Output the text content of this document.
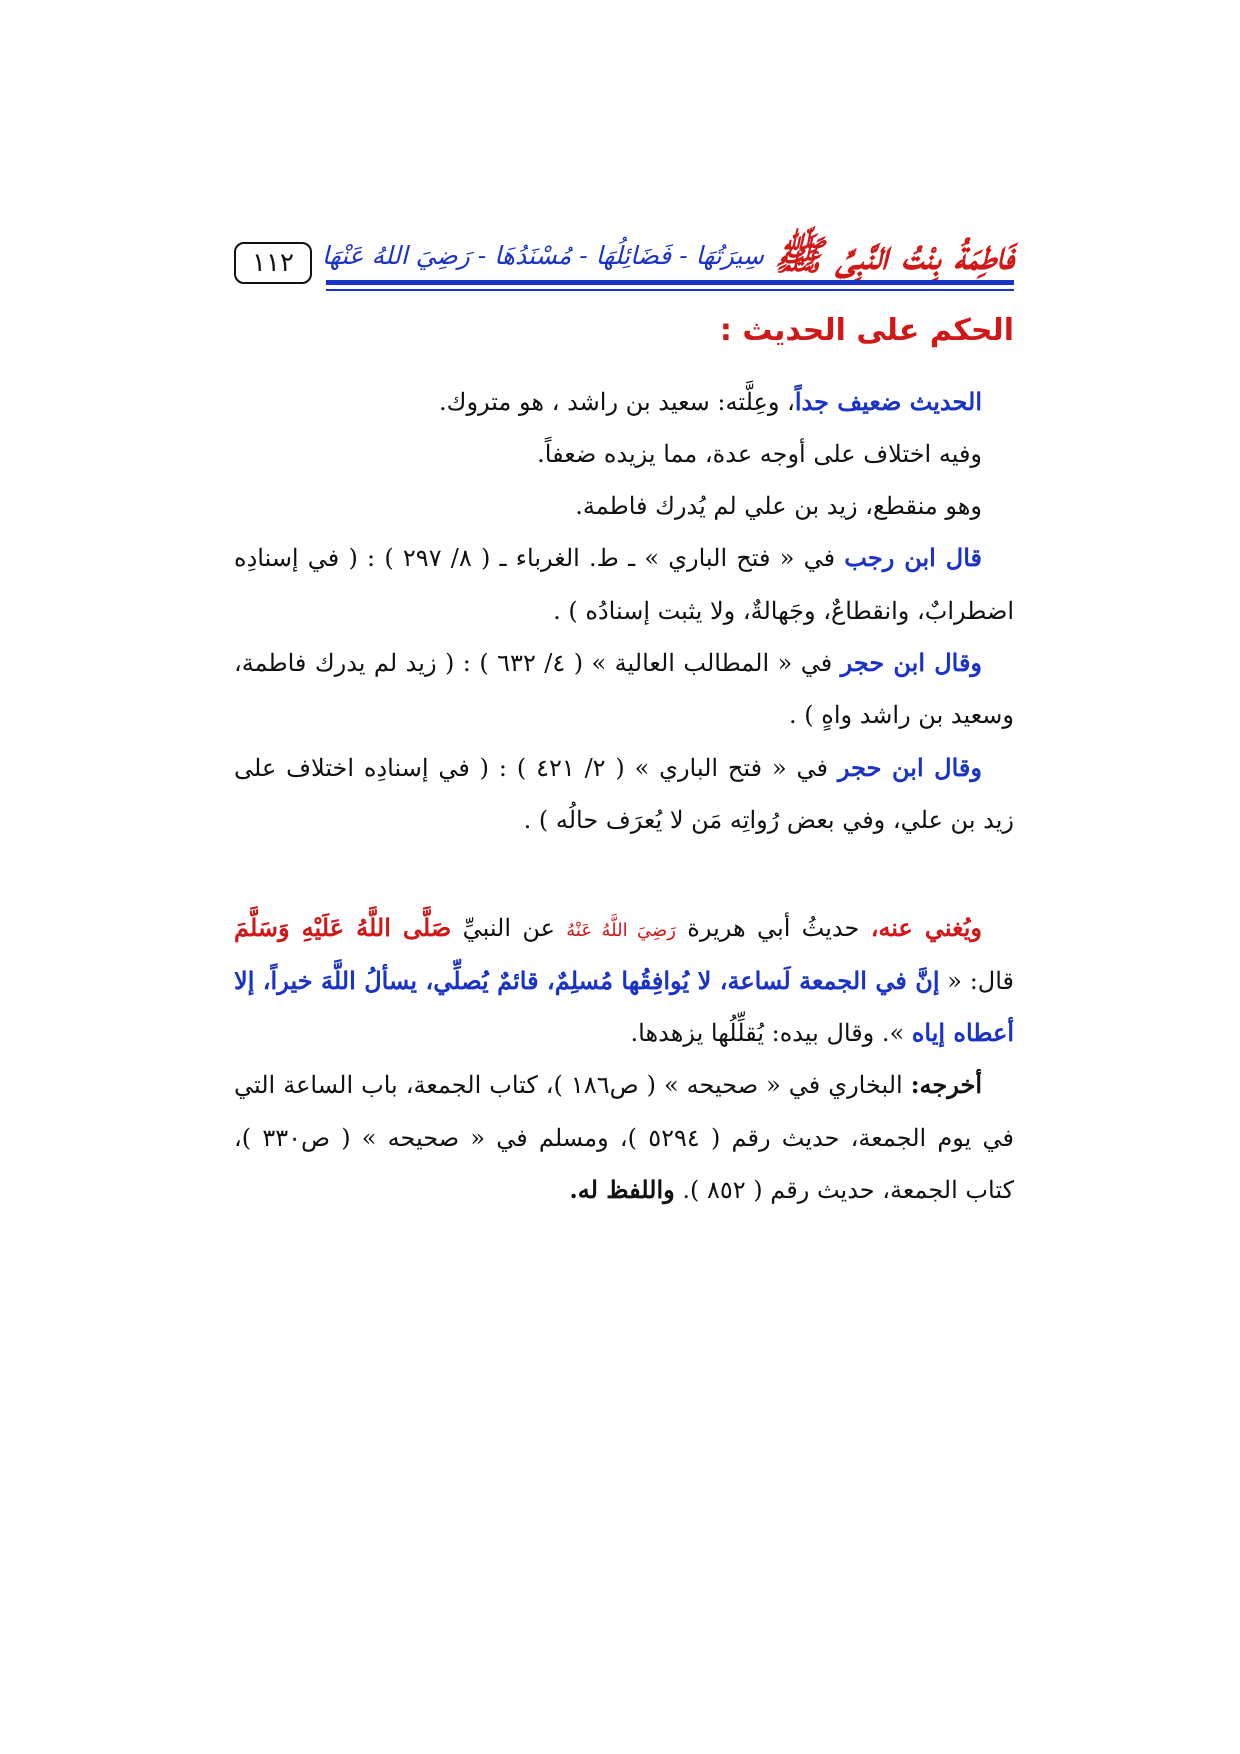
١١٢	فَاطِمَةُ بِنْتُ النَّبِيِّ ﷺ
سِيرَتُهَا - فَضَائِلُهَا - مُسْنَدُهَا - رَضِيَ اللهُ عَنْهَا
الحكم على الحديث :

الحديث ضعيف جداً، وعِلَّته: سعيد بن راشد ، هو متروك.

وفيه اختلاف على أوجه عدة، مما يزيده ضعفاً.

وهو منقطع، زيد بن علي لم يُدرك فاطمة.

قال ابن رجب في « فتح الباري » ـ ط. الغرباء ـ ( ٨/ ٢٩٧ ) : ( في إسنادِه اضطرابٌ، وانقطاعٌ، وجَهالةٌ، ولا يثبت إسنادُه ) .

وقال ابن حجر في « المطالب العالية » ( ٤/ ٦٣٢ ) : ( زيد لم يدرك فاطمة، وسعيد بن راشد واهٍ ) .

وقال ابن حجر في « فتح الباري » ( ٢/ ٤٢١ ) : ( في إسنادِه اختلاف على زيد بن علي، وفي بعض رُواتِه مَن لا يُعرَف حالُه ) .

ويُغني عنه، حديثُ أبي هريرة رَضِيَ اللَّهُ عَنْهُ عن النبيِّ صَلَّى اللَّهُ عَلَيْهِ وَسَلَّمَ قال: « إنَّ في الجمعة لَساعة، لا يُوافِقُها مُسلِمٌ، قائمٌ يُصلِّي، يسألُ اللَّهَ خيراً، إلا أعطاه إياه ». وقال بيده: يُقلِّلُها يزهدها.

أخرجه: البخاري في « صحيحه » ( ص١٨٦ )، كتاب الجمعة، باب الساعة التي في يوم الجمعة، حديث رقم ( ٥٢٩٤ )، ومسلم في « صحيحه » ( ص٣٣٠ )، كتاب الجمعة، حديث رقم ( ٨٥٢ ). واللفظ له.
